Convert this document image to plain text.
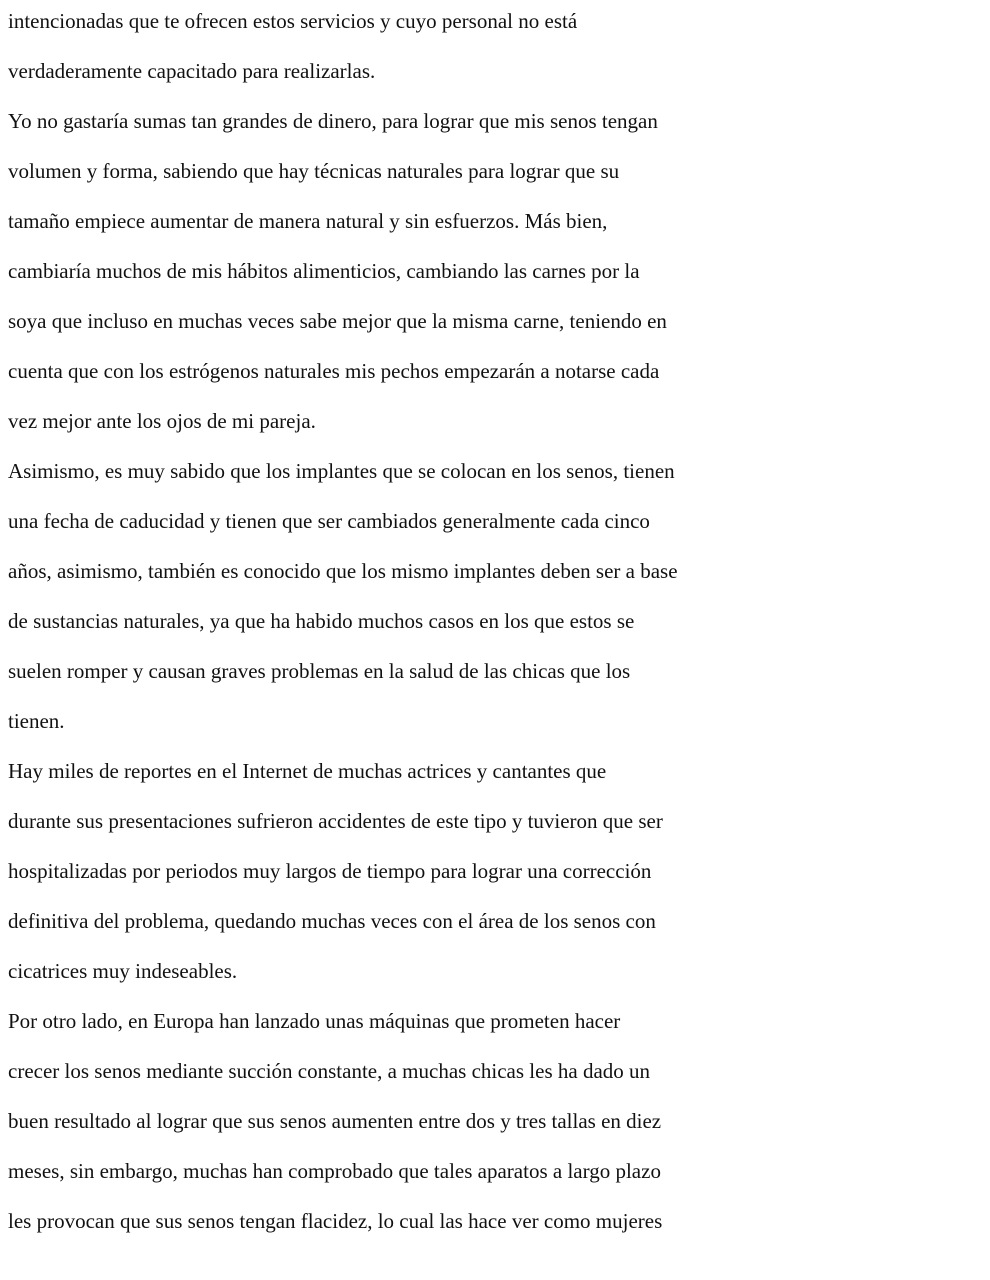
intencionadas que te ofrecen estos servicios y cuyo personal no está
verdaderamente capacitado para realizarlas.
Yo no gastaría sumas tan grandes de dinero, para lograr que mis senos tengan
volumen y forma, sabiendo que hay técnicas naturales para lograr que su
tamaño empiece aumentar de manera natural y sin esfuerzos. Más bien,
cambiaría muchos de mis hábitos alimenticios, cambiando las carnes por la
soya que incluso en muchas veces sabe mejor que la misma carne, teniendo en
cuenta que con los estrógenos naturales mis pechos empezarán a notarse cada
vez mejor ante los ojos de mi pareja.
Asimismo, es muy sabido que los implantes que se colocan en los senos, tienen
una fecha de caducidad y tienen que ser cambiados generalmente cada cinco
años, asimismo, también es conocido que los mismo implantes deben ser a base
de sustancias naturales, ya que ha habido muchos casos en los que estos se
suelen romper y causan graves problemas en la salud de las chicas que los
tienen.
Hay miles de reportes en el Internet de muchas actrices y cantantes que
durante sus presentaciones sufrieron accidentes de este tipo y tuvieron que ser
hospitalizadas por periodos muy largos de tiempo para lograr una corrección
definitiva del problema, quedando muchas veces con el área de los senos con
cicatrices muy indeseables.
Por otro lado, en Europa han lanzado unas máquinas que prometen hacer
crecer los senos mediante succión constante, a muchas chicas les ha dado un
buen resultado al lograr que sus senos aumenten entre dos y tres tallas en diez
meses, sin embargo, muchas han comprobado que tales aparatos a largo plazo
les provocan que sus senos tengan flacidez, lo cual las hace ver como mujeres
